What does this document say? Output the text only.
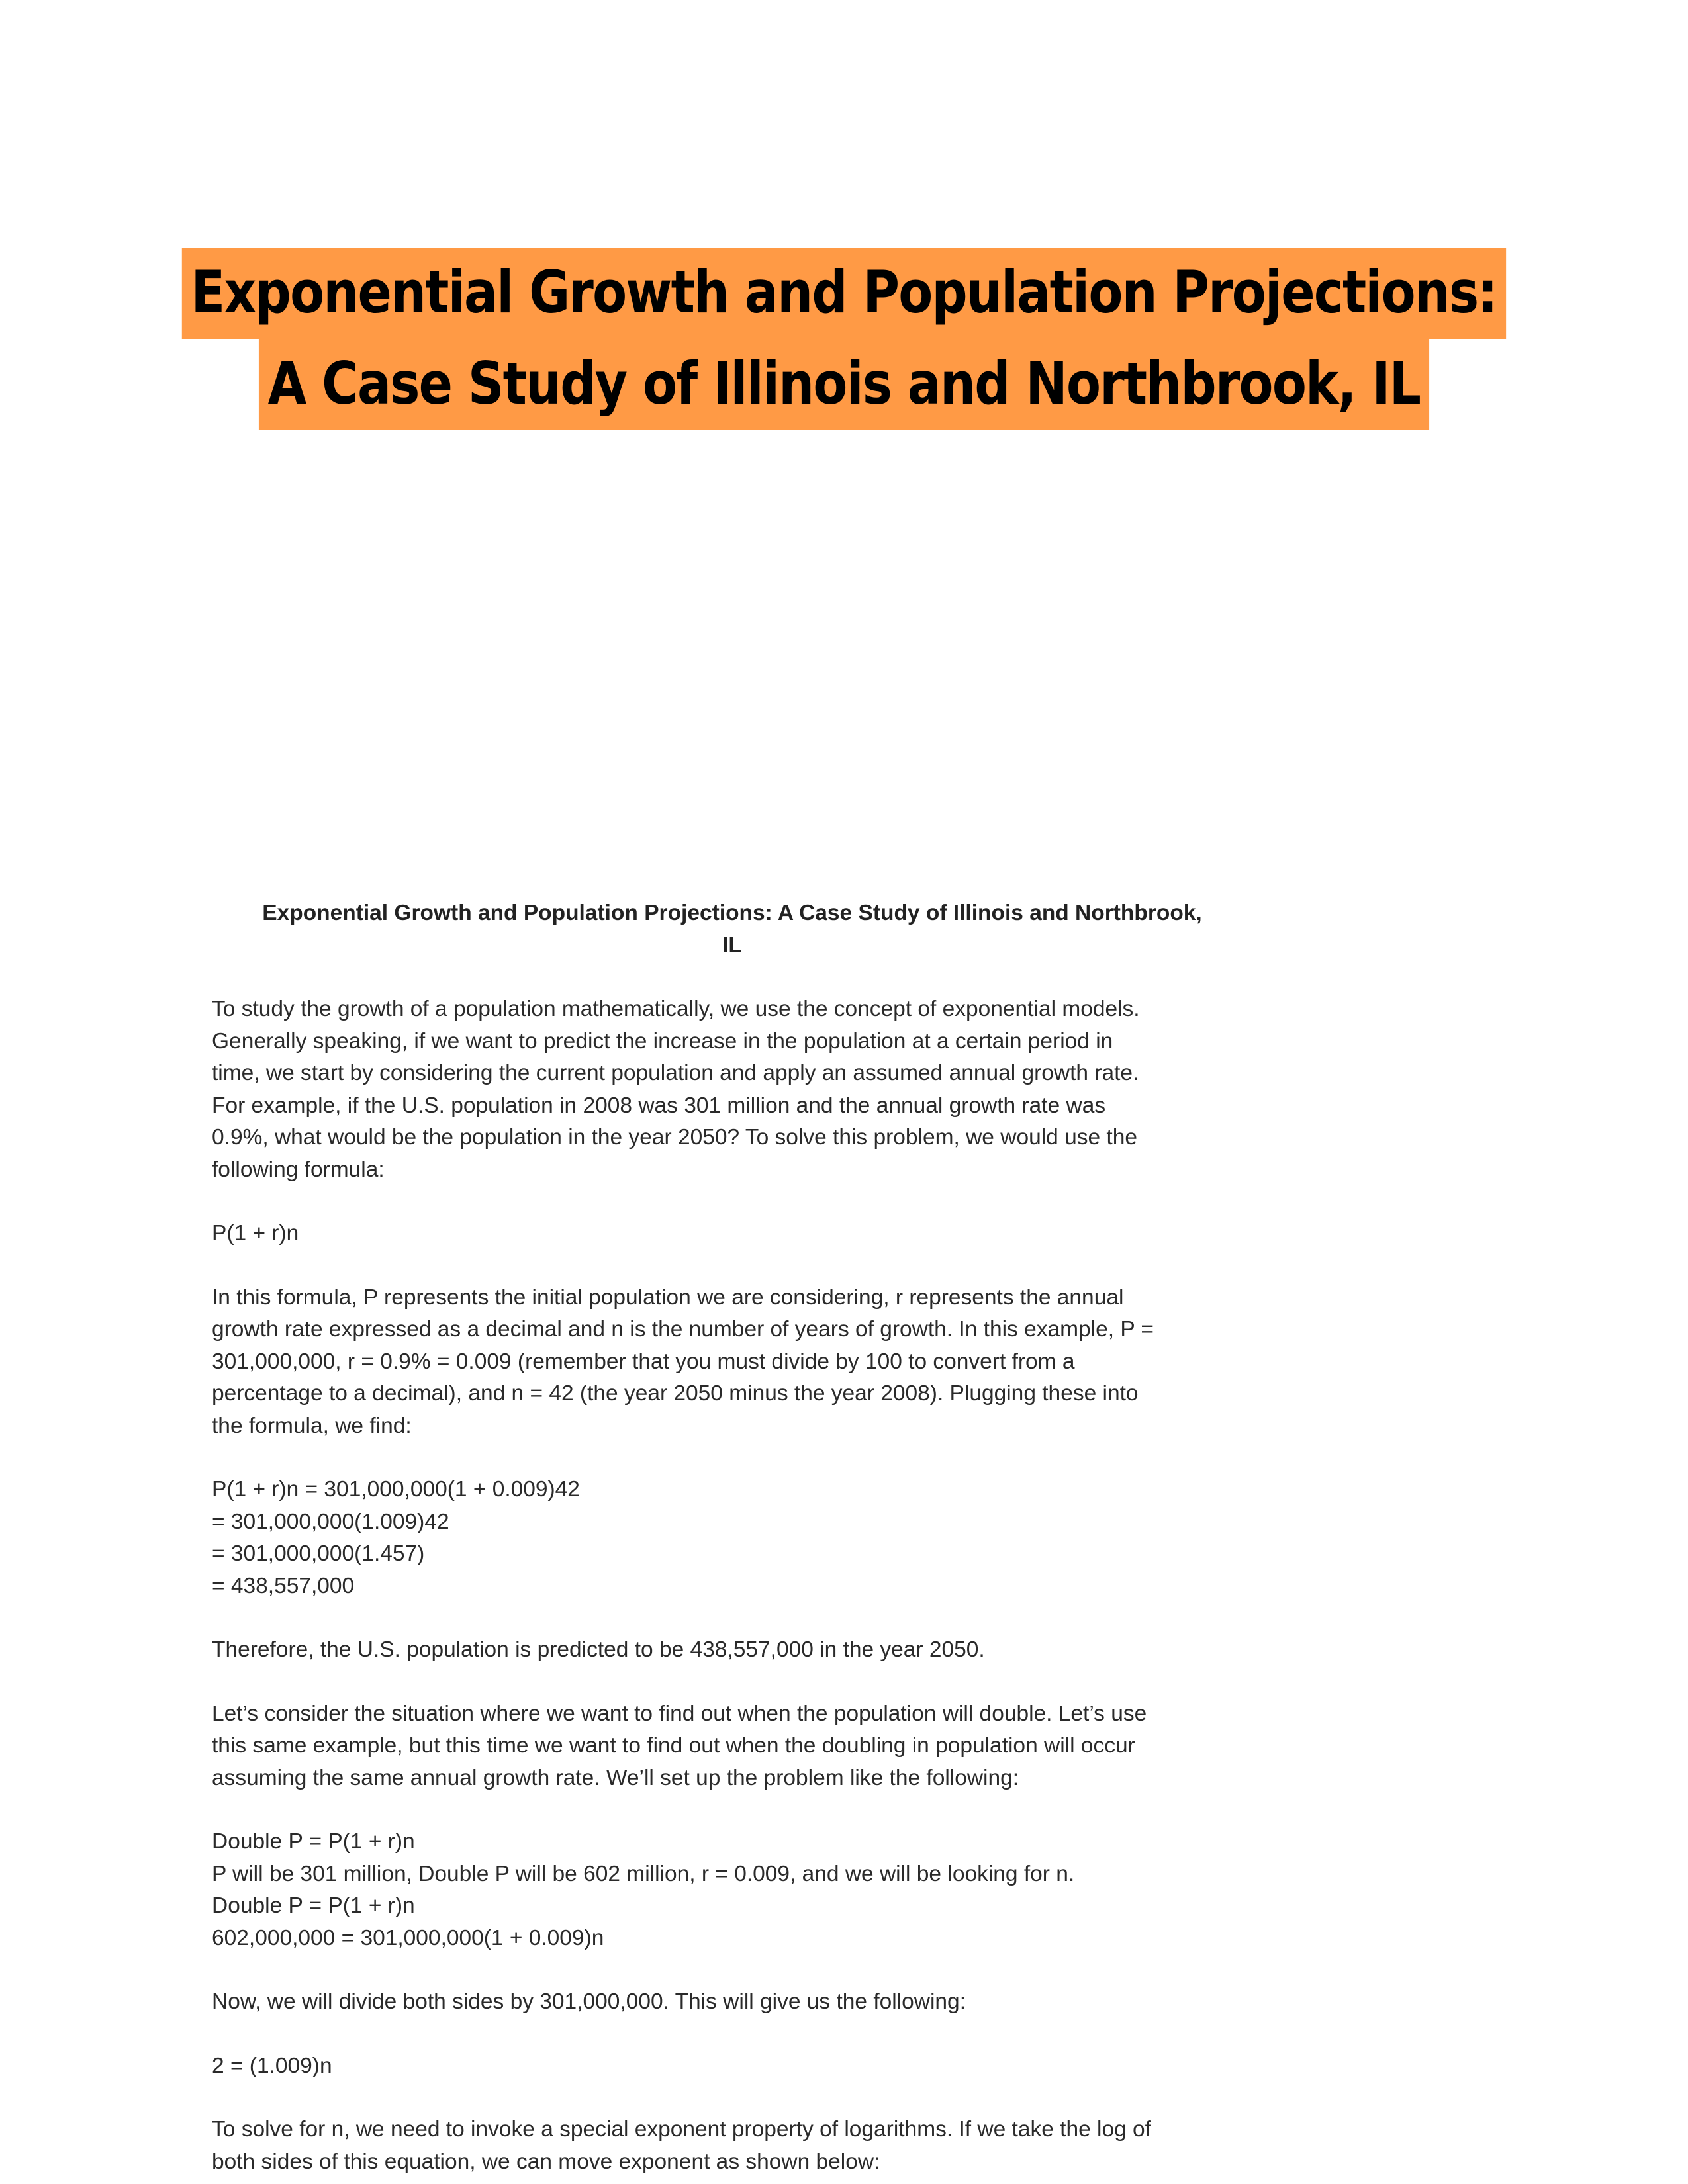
Exponential Growth and Population Projections:
A Case Study of Illinois and Northbrook, IL

Exponential Growth and Population Projections: A Case Study of Illinois and Northbrook,

IL

To study the growth of a population mathematically, we use the concept of exponential models.

Generally speaking, if we want to predict the increase in the population at a certain period in

time, we start by considering the current population and apply an assumed annual growth rate.

For example, if the U.S. population in 2008 was 301 million and the annual growth rate was

0.9%, what would be the population in the year 2050? To solve this problem, we would use the

following formula:

P(1 + r)n

In this formula, P represents the initial population we are considering, r represents the annual

growth rate expressed as a decimal and n is the number of years of growth. In this example, P =

301,000,000, r = 0.9% = 0.009 (remember that you must divide by 100 to convert from a

percentage to a decimal), and n = 42 (the year 2050 minus the year 2008). Plugging these into

the formula, we find:

P(1 + r)n = 301,000,000(1 + 0.009)42

= 301,000,000(1.009)42

= 301,000,000(1.457)

= 438,557,000

Therefore, the U.S. population is predicted to be 438,557,000 in the year 2050.

Let’s consider the situation where we want to find out when the population will double. Let’s use

this same example, but this time we want to find out when the doubling in population will occur

assuming the same annual growth rate. We’ll set up the problem like the following:

Double P = P(1 + r)n

P will be 301 million, Double P will be 602 million, r = 0.009, and we will be looking for n.

Double P = P(1 + r)n

602,000,000 = 301,000,000(1 + 0.009)n

Now, we will divide both sides by 301,000,000. This will give us the following:

2 = (1.009)n

To solve for n, we need to invoke a special exponent property of logarithms. If we take the log of

both sides of this equation, we can move exponent as shown below:
